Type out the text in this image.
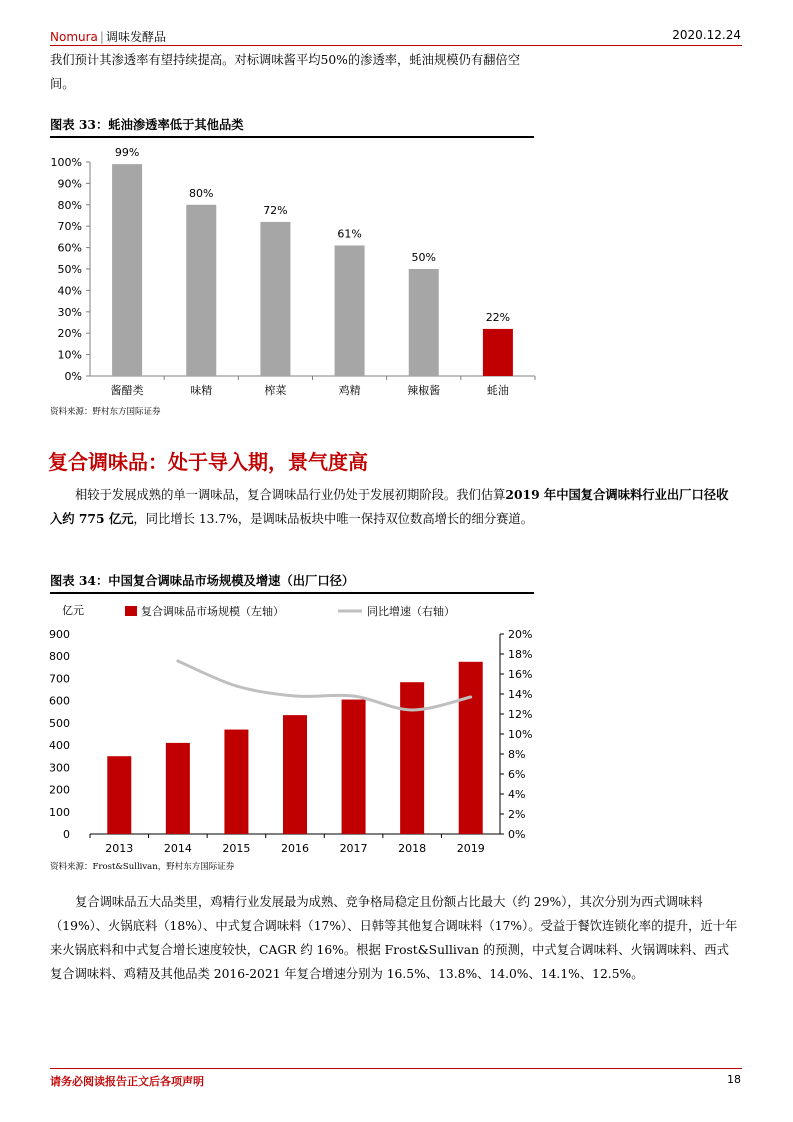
Nomura | 调味发酵品	2020.12.24
我们预计其渗透率有望持续提高。对标调味酱平均50%的渗透率，蚝油规模仍有翻倍空间。
图表 33：蚝油渗透率低于其他品类
0%
10%
20%
30%
40%
50%
60%
70%
80%
90%
100%
99%
酱醋类
80%
味精
72%
榨菜
61%
鸡精
50%
辣椒酱
22%
蚝油
资料来源：野村东方国际证券
复合调味品：处于导入期，景气度高
相较于发展成熟的单一调味品，复合调味品行业仍处于发展初期阶段。我们估算2019 年中国复合调味料行业出厂口径收入约 775 亿元，同比增长 13.7%，是调味品板块中唯一保持双位数高增长的细分赛道。
图表 34：中国复合调味品市场规模及增速（出厂口径）
亿元	复合调味品市场规模（左轴）	同比增速（右轴）
0
100
200
300
400
500
600
700
800
900
0%
2%
4%
6%
8%
10%
12%
14%
16%
18%
20%
2013	2014	2015	2016	2017	2018	2019
资料来源：Frost&Sullivan，野村东方国际证券
复合调味品五大品类里，鸡精行业发展最为成熟、竞争格局稳定且份额占比最大（约 29%），其次分别为西式调味料（19%）、火锅底料（18%）、中式复合调味料（17%）、日韩等其他复合调味料（17%）。受益于餐饮连锁化率的提升，近十年来火锅底料和中式复合增长速度较快，CAGR 约 16%。根据 Frost&Sullivan 的预测，中式复合调味料、火锅调味料、西式复合调味料、鸡精及其他品类 2016-2021 年复合增速分别为 16.5%、13.8%、14.0%、14.1%、12.5%。
请务必阅读报告正文后各项声明	18
